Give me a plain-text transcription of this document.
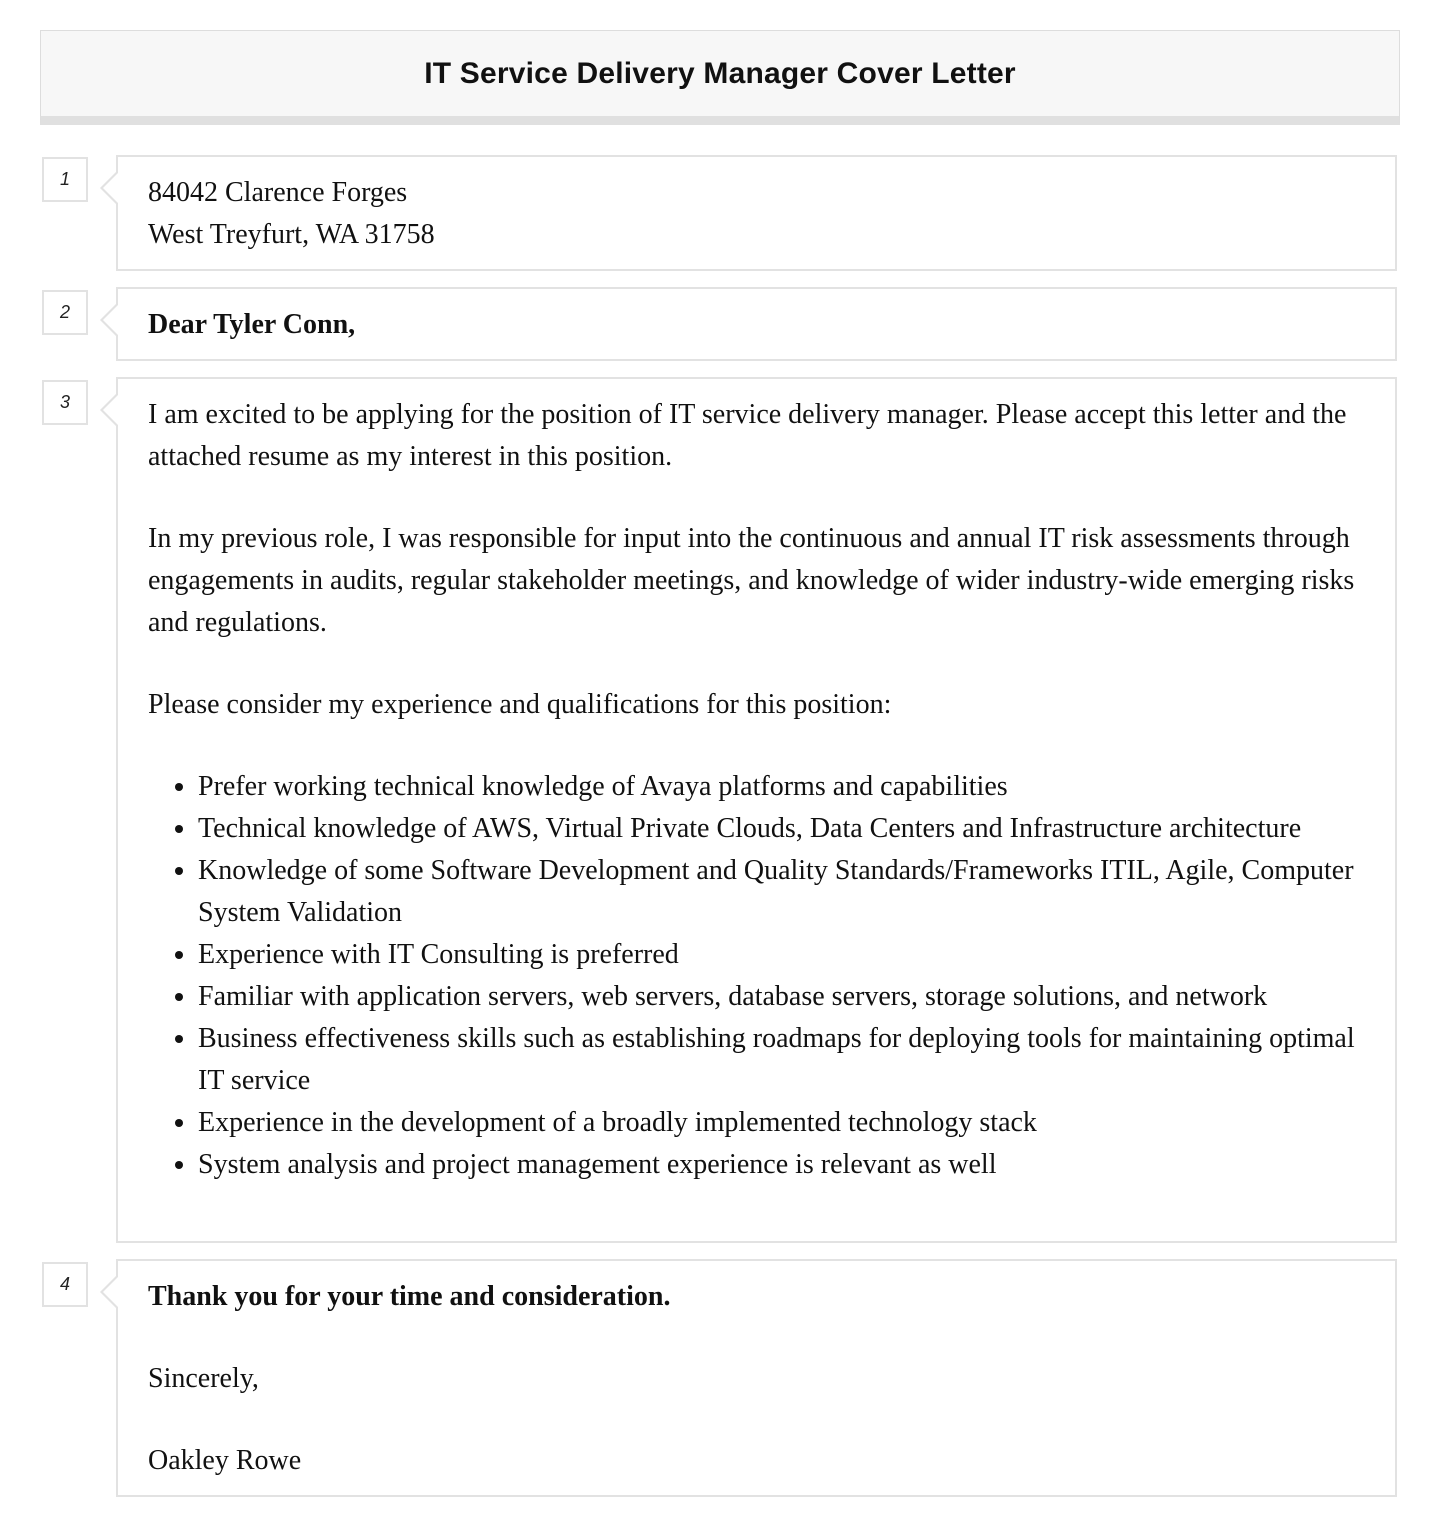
IT Service Delivery Manager Cover Letter
1	84042 Clarence Forges
West Treyfurt, WA 31758
2	Dear Tyler Conn,
3	I am excited to be applying for the position of IT service delivery manager. Please accept this letter and the attached resume as my interest in this position.

In my previous role, I was responsible for input into the continuous and annual IT risk assessments through engagements in audits, regular stakeholder meetings, and knowledge of wider industry-wide emerging risks and regulations.

Please consider my experience and qualifications for this position:

• Prefer working technical knowledge of Avaya platforms and capabilities
• Technical knowledge of AWS, Virtual Private Clouds, Data Centers and Infrastructure architecture
• Knowledge of some Software Development and Quality Standards/Frameworks ITIL, Agile, Computer System Validation
• Experience with IT Consulting is preferred
• Familiar with application servers, web servers, database servers, storage solutions, and network
• Business effectiveness skills such as establishing roadmaps for deploying tools for maintaining optimal IT service
• Experience in the development of a broadly implemented technology stack
• System analysis and project management experience is relevant as well
4	Thank you for your time and consideration.

Sincerely,

Oakley Rowe
